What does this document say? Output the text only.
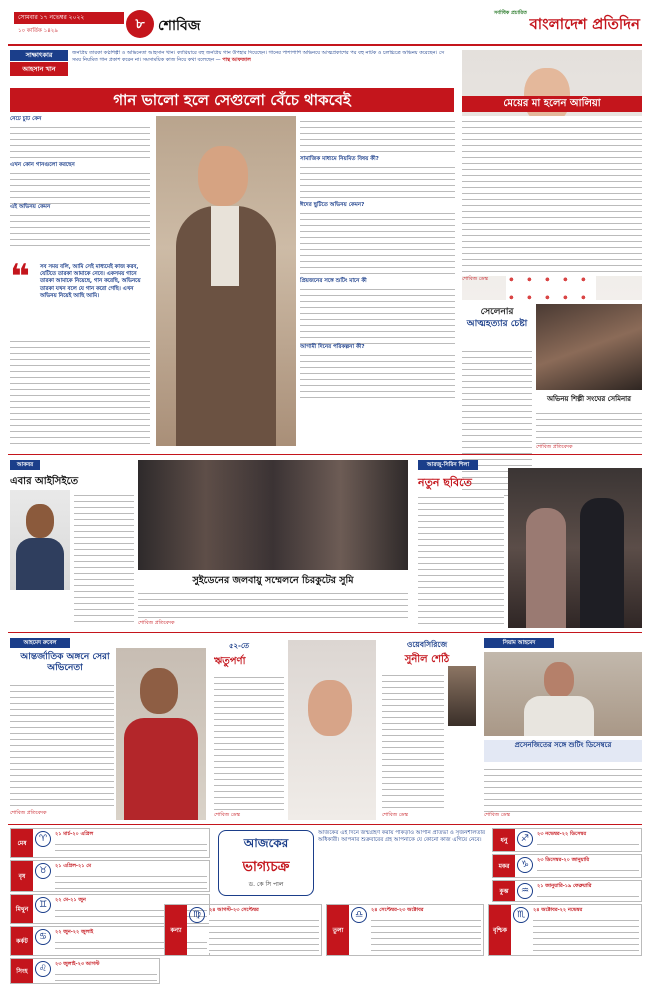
সোমবার ১৭ নভেম্বর ২০২২
১০ কার্তিক ১৪২৯	৮ শোবিজ
সর্বাধিক প্রচারিত
বাংলাদেশ প্রতিদিন
সাক্ষাৎকার
আহসান খান
জনপ্রিয় তারকা কণ্ঠশিল্পী ও অভিনেতা আহসান খান। ক্যারিয়ারে বহু জনপ্রিয় গান উপহার দিয়েছেন। গানের পাশাপাশি অভিনয়ে আত্মপ্রকাশের পর বহু নাটক ও চলচ্চিত্রে অভিনয় করেছেন। সে সময় নিয়মিত গান প্রকাশ করেন না। সমসাময়িক কাজ নিয়ে কথা বলেছেন — পান্থ আফজাল
গান ভালো হলে সেগুলো বেঁচে থাকবেই
নেটে চুটি কেন
এখন কোন গানগুলো করছেন
এই অভিনয় কেমন
❝ সব সময় বলি, আমি সেই মাধ্যমেই কাজ করব, যেটিতে তারকা আমাকে নেবে। একসময় গানে তারকা আমাকে নিয়েছে, গান করেছি, অভিনয়ে তারকা যখন বলে যে গান করো গেছি। এখন অভিনয় নিয়েই আছি আমি।
সামাজিক মাধ্যমে নিয়মিত বিষয় কী?
ঈদের ছুটিতে অভিনয় কেমন?
প্রিয়জনের সঙ্গে শুটিং মানে কী
আগামী দিনের পরিকল্পনা কী?
মেয়ের মা হলেন আলিয়া
শোবিজ ডেস্ক
সেলেনার
আত্মহত্যার চেষ্টা
অভিনয় শিল্পী সংঘের সেমিনার
শোবিজ প্রতিবেদক
আকবর
এবার আইসিইতে
সুইডেনের জলবায়ু সম্মেলনে চিরকুটের সুমি
শোবিজ প্রতিবেদক
আরজু-সিরিন শিলা
নতুন ছবিতে
আহমেদ রুবেল
আন্তর্জাতিক অঙ্গনে সেরা অভিনেতা
শোবিজ প্রতিবেদক
৫২-তে
ঋতুপর্ণা
শোবিজ ডেস্ক
ওয়েবসিরিজে
সুনীল শেঠি
শোবিজ ডেস্ক
সিয়াম আহমেদ
প্রসেনজিতের সঙ্গে শুটিং ডিসেম্বরে
শোবিজ ডেস্ক
আজকের
ভাগ্যচক্র
ড. কে সি পাল
আজকের এই দিনে জন্মগ্রহণ করায় পাকড়াও আপনি প্রতিভা ও সৃজনশীলতার অধিকারী। আপনার শুক্রবারের গ্রহ আপনাকে যে কোনো কাজ এগিয়ে নেবে।
মেষ	♈	২১ মার্চ-২০ এপ্রিল
বৃষ
♉	২১ এপ্রিল-২১ মে
মিথুন	♊	২২ মে-২১ জুন
কর্কট	♋	২২ জুন-২২ জুলাই
সিংহ	♌	২৩ জুলাই-২৩ আগস্ট
কন্যা
♍	২৪ আগস্ট-২৩ সেপ্টেম্বর
তুলা
♎	২৪ সেপ্টেম্বর-২৩ অক্টোবর
বৃশ্চিক
♏	২৪ অক্টোবর-২২ নভেম্বর
ধনু	♐	২৩ নভেম্বর-২২ ডিসেম্বর
মকর	♑	২৩ ডিসেম্বর-২০ জানুয়ারি
কুম্ভ	♒	২১ জানুয়ারি-১৯ ফেব্রুয়ারি
